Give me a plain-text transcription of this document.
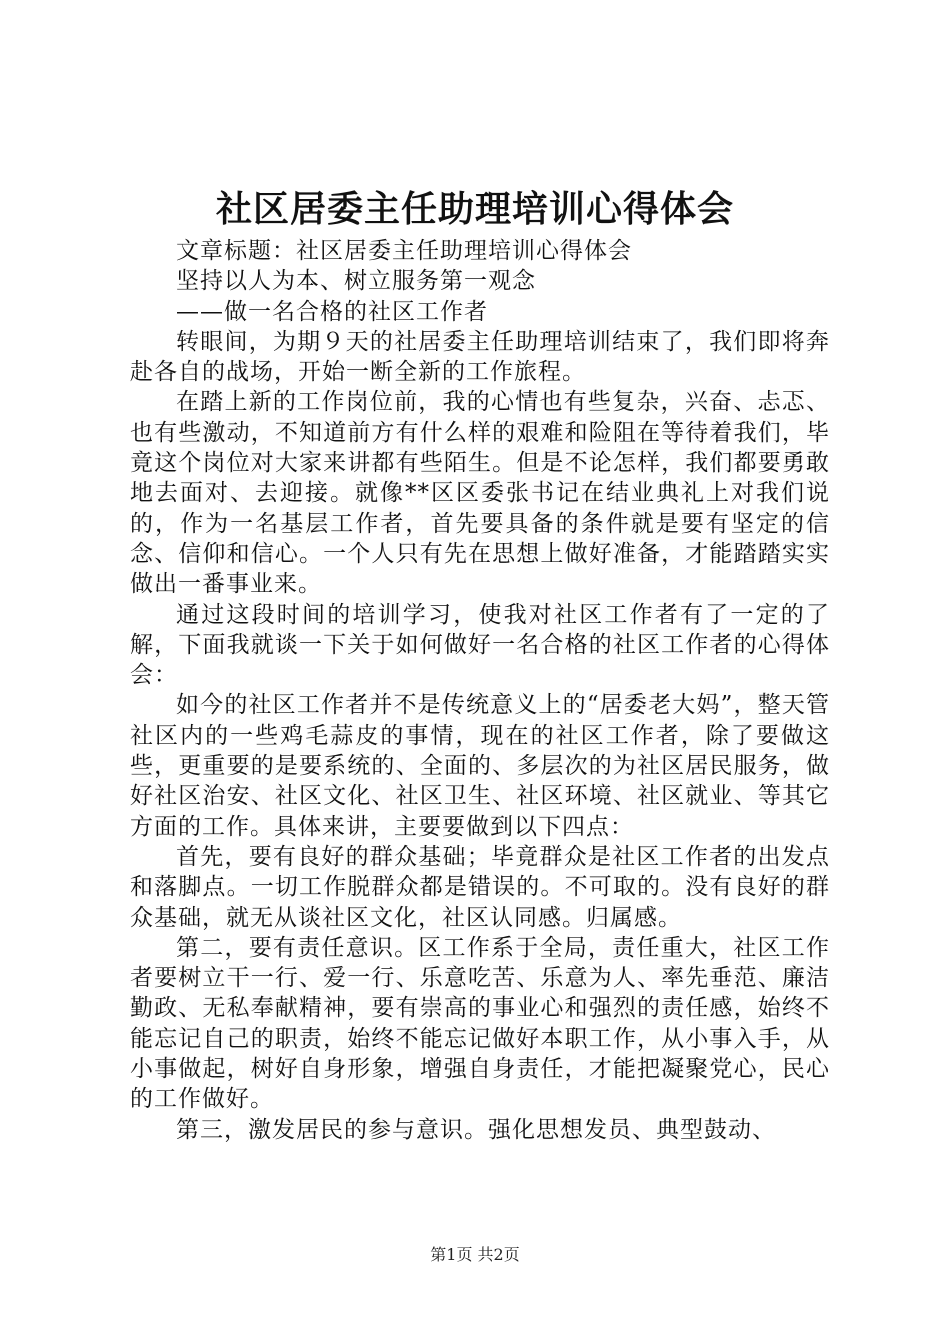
社区居委主任助理培训心得体会

文章标题：社区居委主任助理培训心得体会

坚持以人为本、树立服务第一观念

——做一名合格的社区工作者

转眼间，为期９天的社居委主任助理培训结束了，我们即将奔赴各自的战场，开始一断全新的工作旅程。

在踏上新的工作岗位前，我的心情也有些复杂，兴奋、忐忑、也有些激动，不知道前方有什么样的艰难和险阻在等待着我们，毕竟这个岗位对大家来讲都有些陌生。但是不论怎样，我们都要勇敢地去面对、去迎接。就像**区区委张书记在结业典礼上对我们说的，作为一名基层工作者，首先要具备的条件就是要有坚定的信念、信仰和信心。一个人只有先在思想上做好准备，才能踏踏实实做出一番事业来。

通过这段时间的培训学习，使我对社区工作者有了一定的了解，下面我就谈一下关于如何做好一名合格的社区工作者的心得体会：

如今的社区工作者并不是传统意义上的“居委老大妈”，整天管社区内的一些鸡毛蒜皮的事情，现在的社区工作者，除了要做这些，更重要的是要系统的、全面的、多层次的为社区居民服务，做好社区治安、社区文化、社区卫生、社区环境、社区就业、等其它方面的工作。具体来讲，主要要做到以下四点：

首先，要有良好的群众基础；毕竟群众是社区工作者的出发点和落脚点。一切工作脱群众都是错误的。不可取的。没有良好的群众基础，就无从谈社区文化，社区认同感。归属感。

第二，要有责任意识。区工作系于全局，责任重大，社区工作者要树立干一行、爱一行、乐意吃苦、乐意为人、率先垂范、廉洁勤政、无私奉献精神，要有崇高的事业心和强烈的责任感，始终不能忘记自己的职责，始终不能忘记做好本职工作，从小事入手，从小事做起，树好自身形象，增强自身责任，才能把凝聚党心，民心的工作做好。

第三，激发居民的参与意识。强化思想发员、典型鼓动、

第1页 共2页
